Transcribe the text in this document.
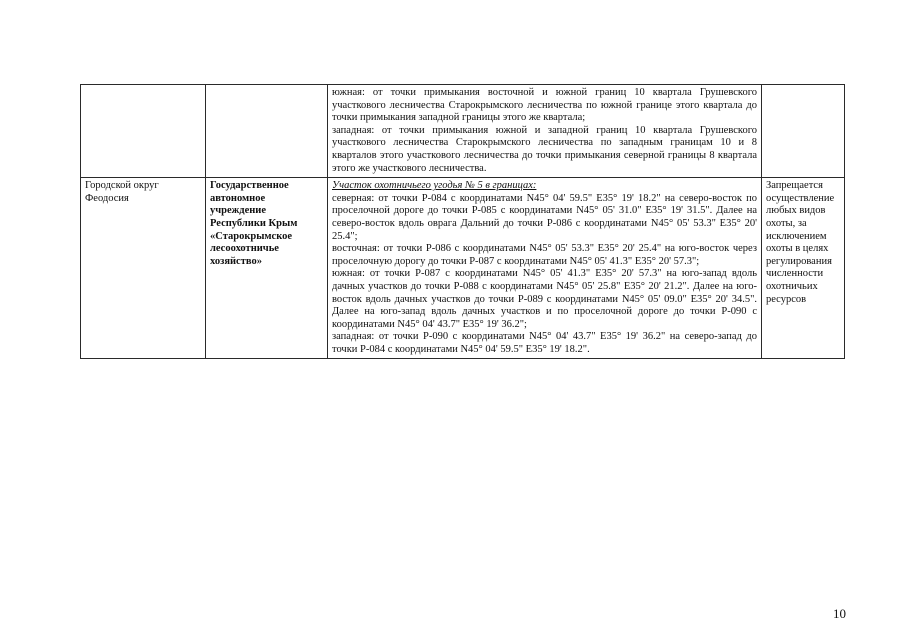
		южная: от точки примыкания восточной и южной границ 10 квартала Грушевского участкового лесничества Старокрымского лесничества по южной границе этого квартала до точки примыкания западной границы этого же квартала;

западная: от точки примыкания южной и западной границ 10 квартала Грушевского участкового лесничества Старокрымского лесничества по западным границам 10 и 8 кварталов этого участкового лесничества до точки примыкания северной границы 8 квартала этого же участкового лесничества.	

Городской округ Феодосия	Государственное автономное учреждение Республики Крым «Старокрымское лесоохотничье хозяйство»	Участок охотничьего угодья № 5 в границах:

северная: от точки Р-084 с координатами N45° 04' 59.5" E35° 19' 18.2" на северо-восток по проселочной дороге до точки Р-085 с координатами N45° 05' 31.0" E35° 19' 31.5". Далее на северо-восток вдоль оврага Дальний до точки Р-086 с координатами N45° 05' 53.3" E35° 20' 25.4";

восточная: от точки Р-086 с координатами N45° 05' 53.3" E35° 20' 25.4" на юго-восток через проселочную дорогу до точки Р-087 с координатами N45° 05' 41.3" E35° 20' 57.3";

южная: от точки Р-087 с координатами N45° 05' 41.3" E35° 20' 57.3" на юго-запад вдоль дачных участков до точки Р-088 с координатами N45° 05' 25.8" E35° 20' 21.2". Далее на юго-восток вдоль дачных участков до точки Р-089 с координатами N45° 05' 09.0" E35° 20' 34.5". Далее на юго-запад вдоль дачных участков и по проселочной дороге до точки Р-090 с координатами N45° 04' 43.7" E35° 19' 36.2";

западная: от точки Р-090 с координатами N45° 04' 43.7" E35° 19' 36.2" на северо-запад до точки Р-084 с координатами N45° 04' 59.5" E35° 19' 18.2".	Запрещается осуществление любых видов охоты, за исключением охоты в целях регулирования численности охотничьих ресурсов
10
